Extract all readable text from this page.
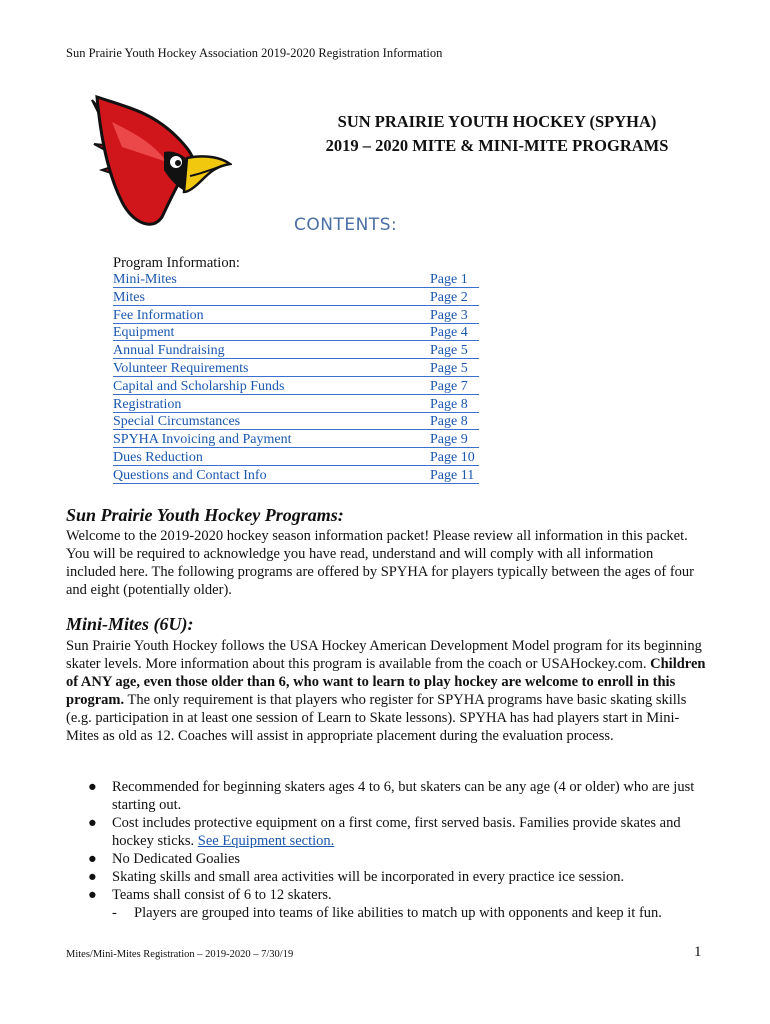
Sun Prairie Youth Hockey Association 2019-2020 Registration Information
SUN PRAIRIE YOUTH HOCKEY (SPYHA)
2019 – 2020 MITE & MINI-MITE PROGRAMS
CONTENTS:
Program Information:
Mini-Mites	Page 1
Mites	Page 2
Fee Information	Page 3
Equipment	Page 4
Annual Fundraising	Page 5
Volunteer Requirements	Page 5
Capital and Scholarship Funds	Page 7
Registration	Page 8
Special Circumstances	Page 8
SPYHA Invoicing and Payment	Page 9
Dues Reduction	Page 10
Questions and Contact Info	Page 11
Sun Prairie Youth Hockey Programs:
Welcome to the 2019-2020 hockey season information packet! Please review all information in this packet. You will be required to acknowledge you have read, understand and will comply with all information included here. The following programs are offered by SPYHA for players typically between the ages of four and eight (potentially older).
Mini-Mites (6U):
Sun Prairie Youth Hockey follows the USA Hockey American Development Model program for its beginning skater levels. More information about this program is available from the coach or USAHockey.com. Children of ANY age, even those older than 6, who want to learn to play hockey are welcome to enroll in this program. The only requirement is that players who register for SPYHA programs have basic skating skills (e.g. participation in at least one session of Learn to Skate lessons). SPYHA has had players start in Mini-Mites as old as 12. Coaches will assist in appropriate placement during the evaluation process.
● Recommended for beginning skaters ages 4 to 6, but skaters can be any age (4 or older) who are just starting out.
● Cost includes protective equipment on a first come, first served basis. Families provide skates and hockey sticks. See Equipment section.
● No Dedicated Goalies
● Skating skills and small area activities will be incorporated in every practice ice session.
● Teams shall consist of 6 to 12 skaters.
- Players are grouped into teams of like abilities to match up with opponents and keep it fun.
Mites/Mini-Mites Registration – 2019-2020 – 7/30/19	1
